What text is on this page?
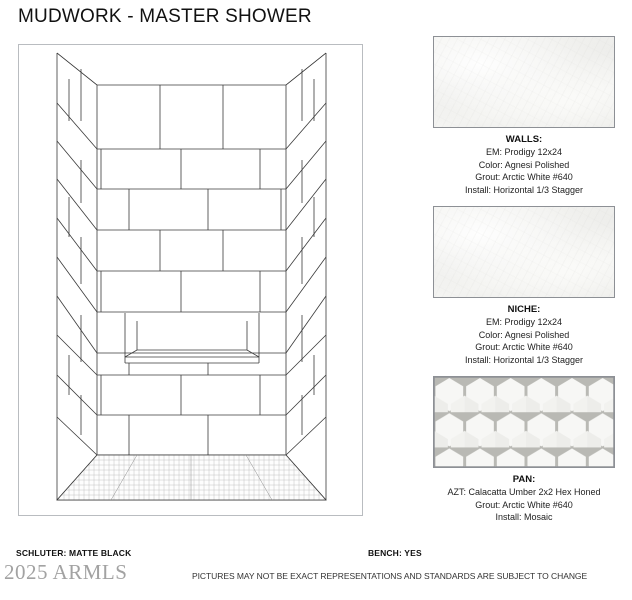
MUDWORK - MASTER SHOWER
WALLS:
EM: Prodigy 12x24
Color: Agnesi Polished
Grout: Arctic White #640
Install: Horizontal 1/3 Stagger
NICHE:
EM: Prodigy 12x24
Color: Agnesi Polished
Grout: Arctic White #640
Install: Horizontal 1/3 Stagger
PAN:
AZT: Calacatta Umber 2x2 Hex Honed
Grout: Arctic White #640
Install: Mosaic
SCHLUTER: MATTE BLACK	BENCH: YES
PICTURES MAY NOT BE EXACT REPRESENTATIONS AND STANDARDS ARE SUBJECT TO CHANGE
2025 ARMLS
